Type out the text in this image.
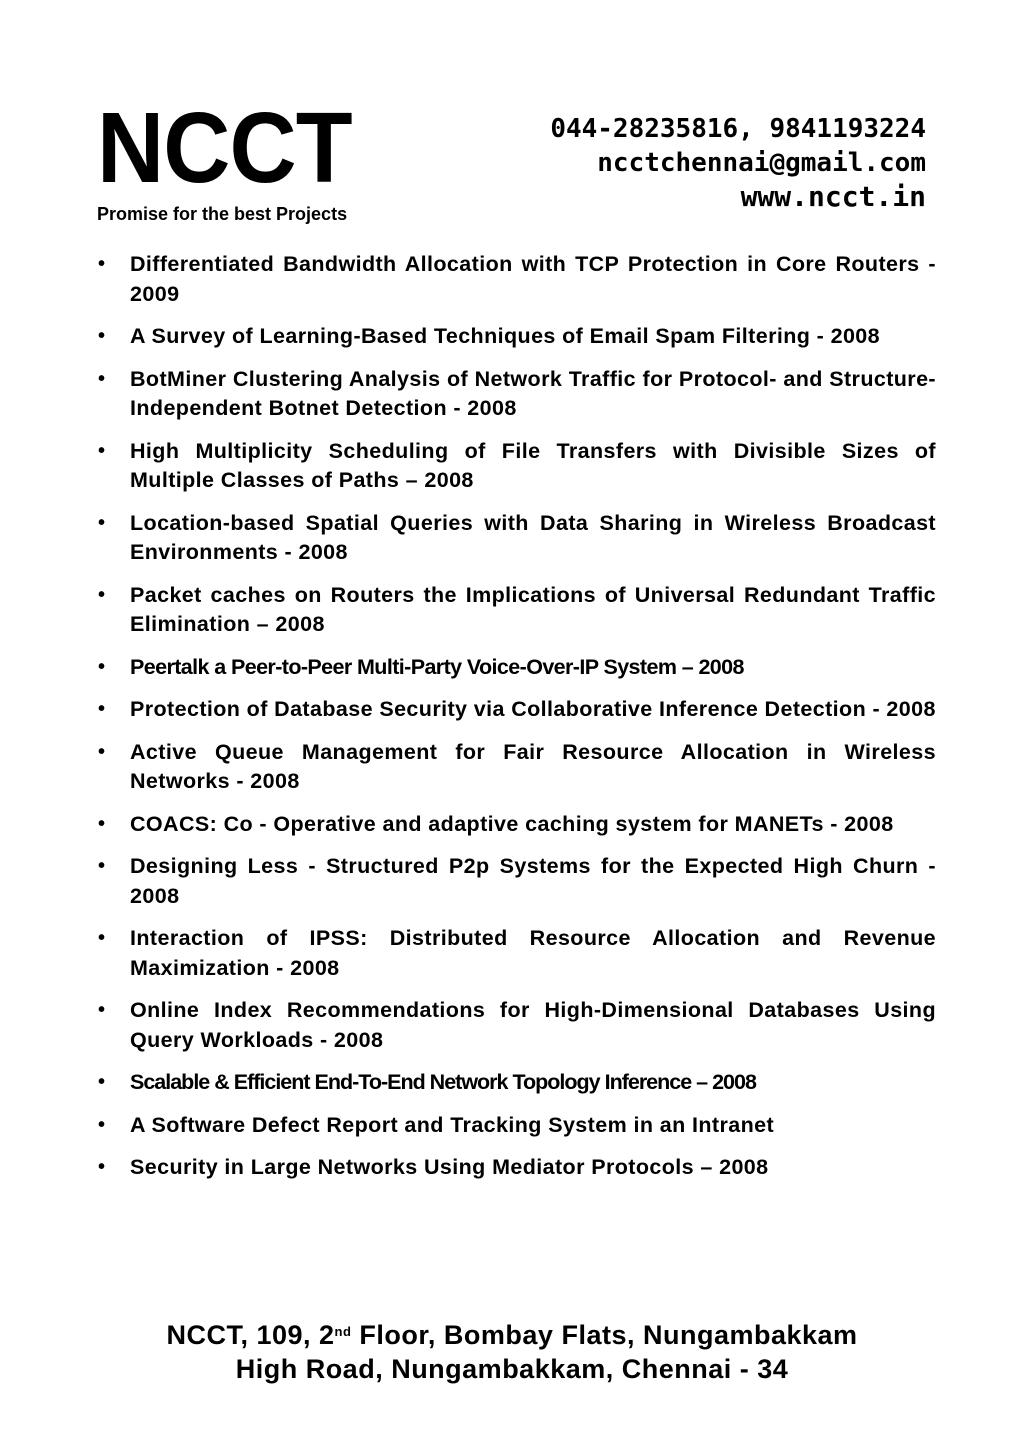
NCCT
Promise for the best Projects
044-28235816, 9841193224
ncctchennai@gmail.com
www.ncct.in
• Differentiated Bandwidth Allocation with TCP Protection in Core Routers - 2009
• A Survey of Learning-Based Techniques of Email Spam Filtering - 2008
• BotMiner Clustering Analysis of Network Traffic for Protocol- and Structure-Independent Botnet Detection - 2008
• High Multiplicity Scheduling of File Transfers with Divisible Sizes of Multiple Classes of Paths – 2008
• Location-based Spatial Queries with Data Sharing in Wireless Broadcast Environments - 2008
• Packet caches on Routers the Implications of Universal Redundant Traffic Elimination – 2008
• Peertalk a Peer-to-Peer Multi-Party Voice-Over-IP System – 2008
• Protection of Database Security via Collaborative Inference Detection - 2008
• Active Queue Management for Fair Resource Allocation in Wireless Networks - 2008
• COACS: Co - Operative and adaptive caching system for MANETs - 2008
• Designing Less - Structured P2p Systems for the Expected High Churn - 2008
• Interaction of IPSS: Distributed Resource Allocation and Revenue Maximization - 2008
• Online Index Recommendations for High-Dimensional Databases Using Query Workloads - 2008
• Scalable & Efficient End-To-End Network Topology Inference – 2008
• A Software Defect Report and Tracking System in an Intranet
• Security in Large Networks Using Mediator Protocols – 2008
NCCT, 109, 2nd Floor, Bombay Flats, Nungambakkam
High Road, Nungambakkam, Chennai - 34
